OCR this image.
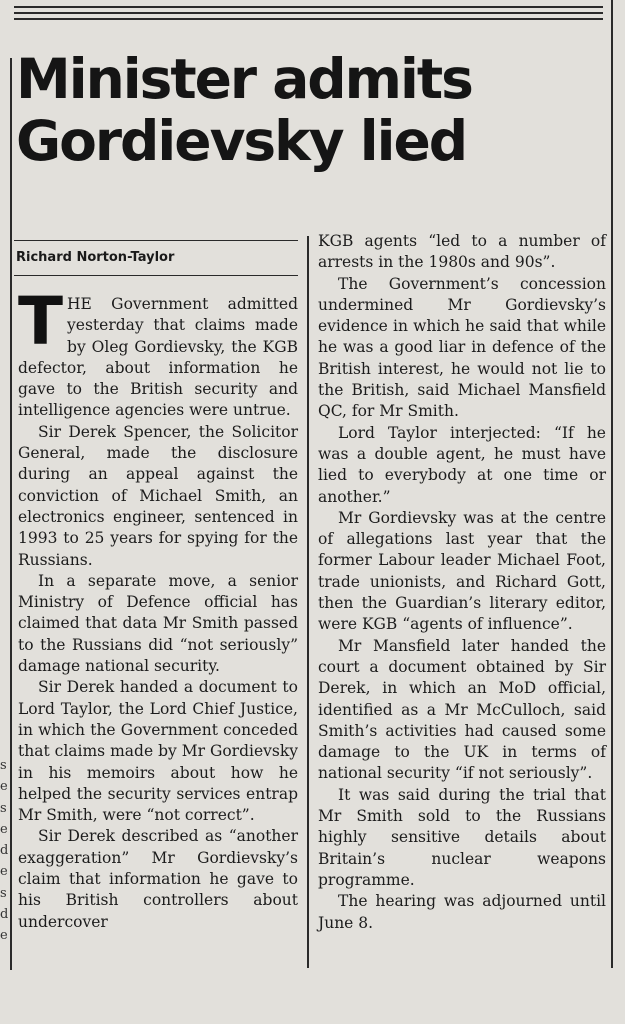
Minister admits
Gordievsky lied
Richard Norton-Taylor

THE Government admitted yesterday that claims made by Oleg Gordievsky, the KGB defector, about information he gave to the British security and intelligence agencies were untrue.

Sir Derek Spencer, the Solicitor General, made the disclosure during an appeal against the conviction of Michael Smith, an electronics engineer, sentenced in 1993 to 25 years for spying for the Russians.

In a separate move, a senior Ministry of Defence official has claimed that data Mr Smith passed to the Russians did “not seriously” damage national security.

Sir Derek handed a document to Lord Taylor, the Lord Chief Justice, in which the Government conceded that claims made by Mr Gordievsky in his memoirs about how he helped the security services entrap Mr Smith, were “not correct”.

Sir Derek described as “another exaggeration” Mr Gordievsky’s claim that information he gave to his British controllers about undercover

KGB agents “led to a number of arrests in the 1980s and 90s”.

The Government’s concession undermined Mr Gordievsky’s evidence in which he said that while he was a good liar in defence of the British interest, he would not lie to the British, said Michael Mansfield QC, for Mr Smith.

Lord Taylor interjected: “If he was a double agent, he must have lied to everybody at one time or another.”

Mr Gordievsky was at the centre of allegations last year that the former Labour leader Michael Foot, trade unionists, and Richard Gott, then the Guardian’s literary editor, were KGB “agents of influence”.

Mr Mansfield later handed the court a document obtained by Sir Derek, in which an MoD official, identified as a Mr McCulloch, said Smith’s activities had caused some damage to the UK in terms of national security “if not seriously”.

It was said during the trial that Mr Smith sold to the Russians highly sensitive details about Britain’s nuclear weapons programme.

The hearing was adjourned until June 8.

s
e
s
e
d
e
s
d
e
